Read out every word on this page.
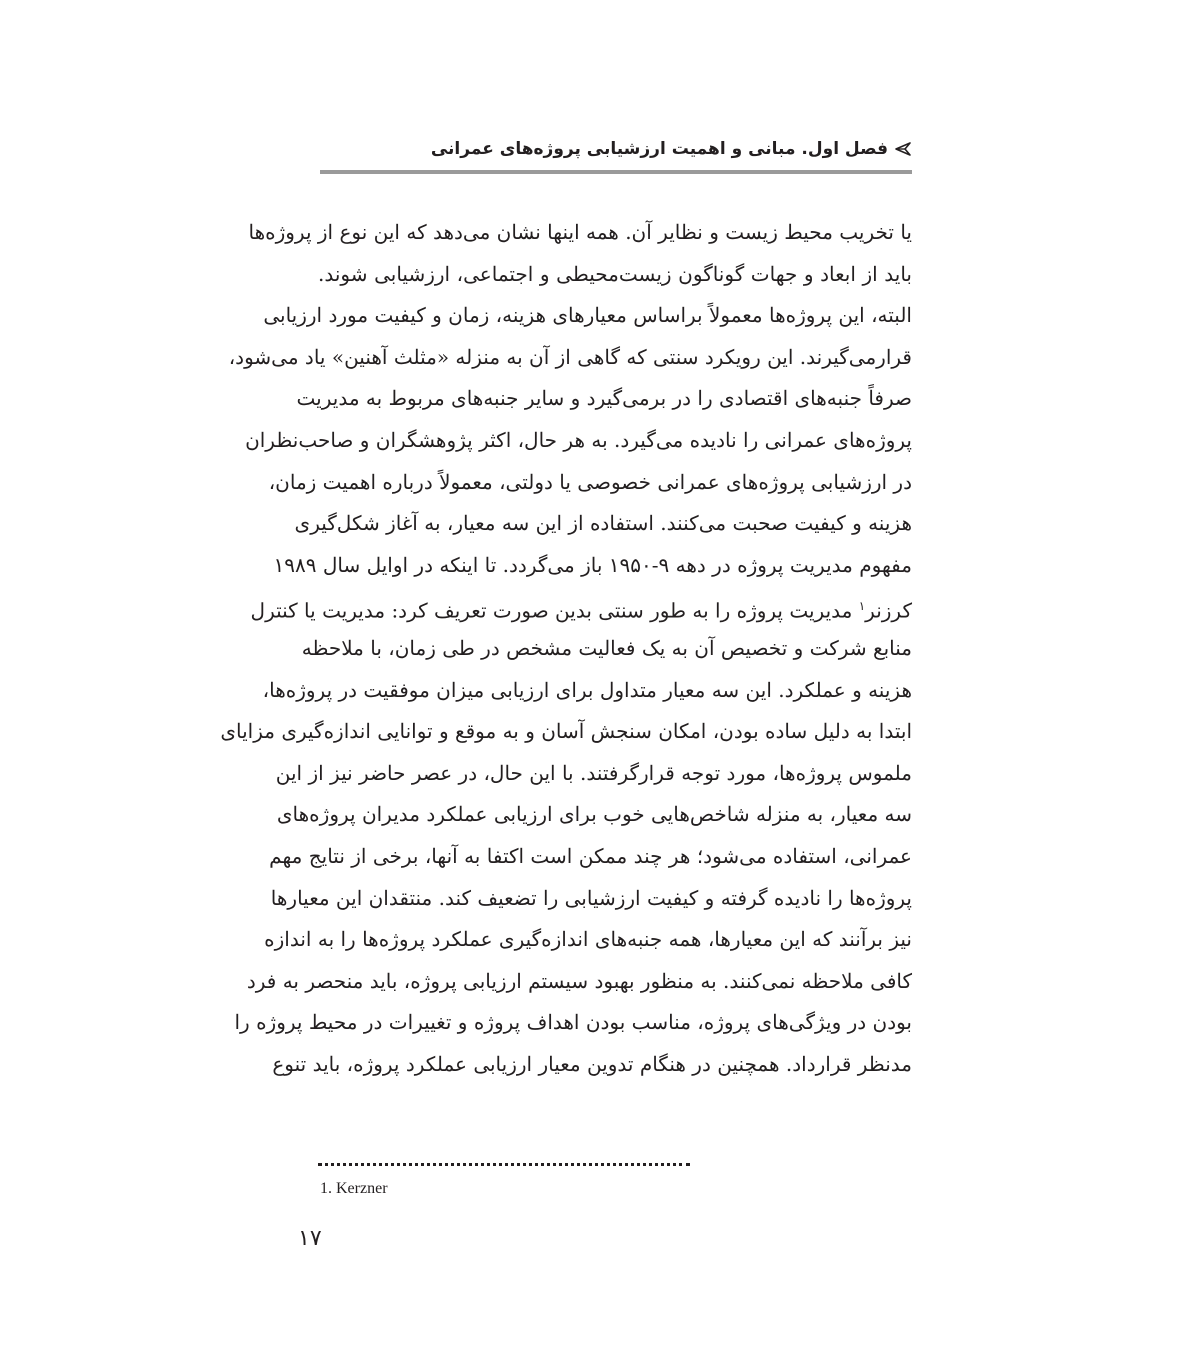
فصل اول. مبانی و اهمیت ارزشیابی پروژه‌های عمرانی
یا تخریب محیط زیست و نظایر آن. همه اینها نشان می‌دهد که این نوع از پروژه‌ها
باید از ابعاد و جهات گوناگون زیست‌محیطی و اجتماعی، ارزشیابی شوند.
البته، این پروژه‌ها معمولاً براساس معیارهای هزینه، زمان و کیفیت مورد ارزیابی
قرارمی‌گیرند. این رویکرد سنتی که گاهی از آن به منزله «مثلث آهنین» یاد می‌شود،
صرفاً جنبه‌های اقتصادی را در برمی‌گیرد و سایر جنبه‌های مربوط به مدیریت
پروژه‌های عمرانی را نادیده می‌گیرد. به هر حال، اکثر پژوهشگران و صاحب‌نظران
در ارزشیابی پروژه‌های عمرانی خصوصی یا دولتی، معمولاً درباره اهمیت زمان،
هزینه و کیفیت صحبت می‌کنند. استفاده از این سه معیار، به آغاز شکل‌گیری
مفهوم مدیریت پروژه در دهه ۹-۱۹۵۰ باز می‌گردد. تا اینکه در اوایل سال ۱۹۸۹
کرزنر$^۱$ مدیریت پروژه را به طور سنتی بدین صورت تعریف کرد: مدیریت یا کنترل
منابع شرکت و تخصیص آن به یک فعالیت مشخص در طی زمان، با ملاحظه
هزینه و عملکرد. این سه معیار متداول برای ارزیابی میزان موفقیت در پروژه‌ها،
ابتدا به دلیل ساده بودن، امکان سنجش آسان و به موقع و توانایی اندازه‌گیری مزایای
ملموس پروژه‌ها، مورد توجه قرارگرفتند. با این حال، در عصر حاضر نیز از این
سه معیار، به منزله شاخص‌هایی خوب برای ارزیابی عملکرد مدیران پروژه‌های
عمرانی، استفاده می‌شود؛ هر چند ممکن است اکتفا به آنها، برخی از نتایج مهم
پروژه‌ها را نادیده گرفته و کیفیت ارزشیابی را تضعیف کند. منتقدان این معیارها
نیز برآنند که این معیارها، همه جنبه‌های اندازه‌گیری عملکرد پروژه‌ها را به اندازه
کافی ملاحظه نمی‌کنند. به منظور بهبود سیستم ارزیابی پروژه، باید منحصر به فرد
بودن در ویژگی‌های پروژه، مناسب بودن اهداف پروژه و تغییرات در محیط پروژه را
مدنظر قرارداد. همچنین در هنگام تدوین معیار ارزیابی عملکرد پروژه، باید تنوع
1. Kerzner
۱۷
